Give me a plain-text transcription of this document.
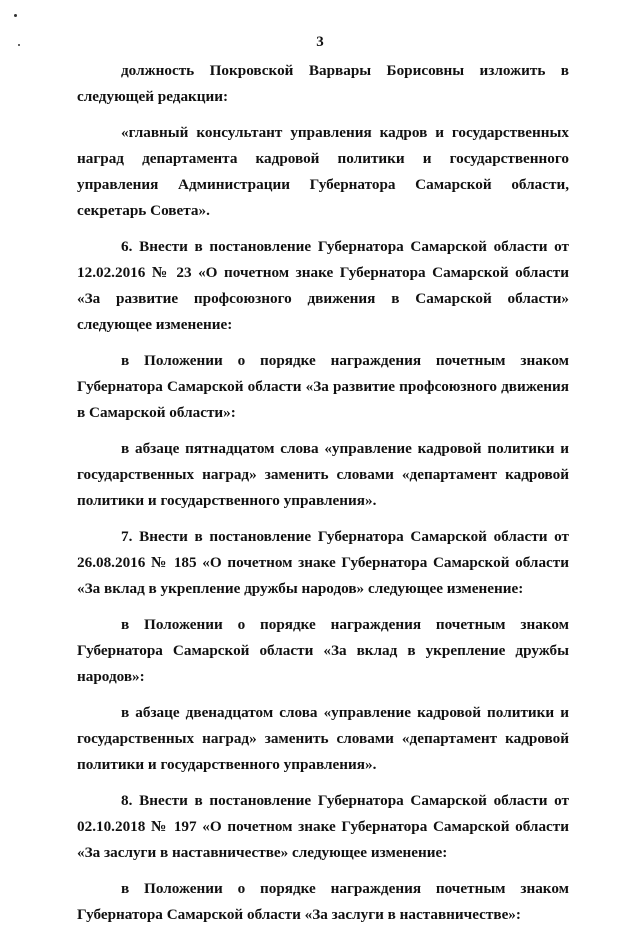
3

должность Покровской Варвары Борисовны изложить в следующей редакции:

«главный консультант управления кадров и государственных наград департамента кадровой политики и государственного управления Администрации Губернатора Самарской области, секретарь Совета».

6. Внести в постановление Губернатора Самарской области от 12.02.2016 № 23 «О почетном знаке Губернатора Самарской области «За развитие профсоюзного движения в Самарской области» следующее изменение:

в Положении о порядке награждения почетным знаком Губернатора Самарской области «За развитие профсоюзного движения в Самарской области»:

в абзаце пятнадцатом слова «управление кадровой политики и государственных наград» заменить словами «департамент кадровой политики и государственного управления».

7. Внести в постановление Губернатора Самарской области от 26.08.2016 № 185 «О почетном знаке Губернатора Самарской области «За вклад в укрепление дружбы народов» следующее изменение:

в Положении о порядке награждения почетным знаком Губернатора Самарской области «За вклад в укрепление дружбы народов»:

в абзаце двенадцатом слова «управление кадровой политики и государственных наград» заменить словами «департамент кадровой политики и государственного управления».

8. Внести в постановление Губернатора Самарской области от 02.10.2018 № 197 «О почетном знаке Губернатора Самарской области «За заслуги в наставничестве» следующее изменение:

в Положении о порядке награждения почетным знаком Губернатора Самарской области «За заслуги в наставничестве»:
